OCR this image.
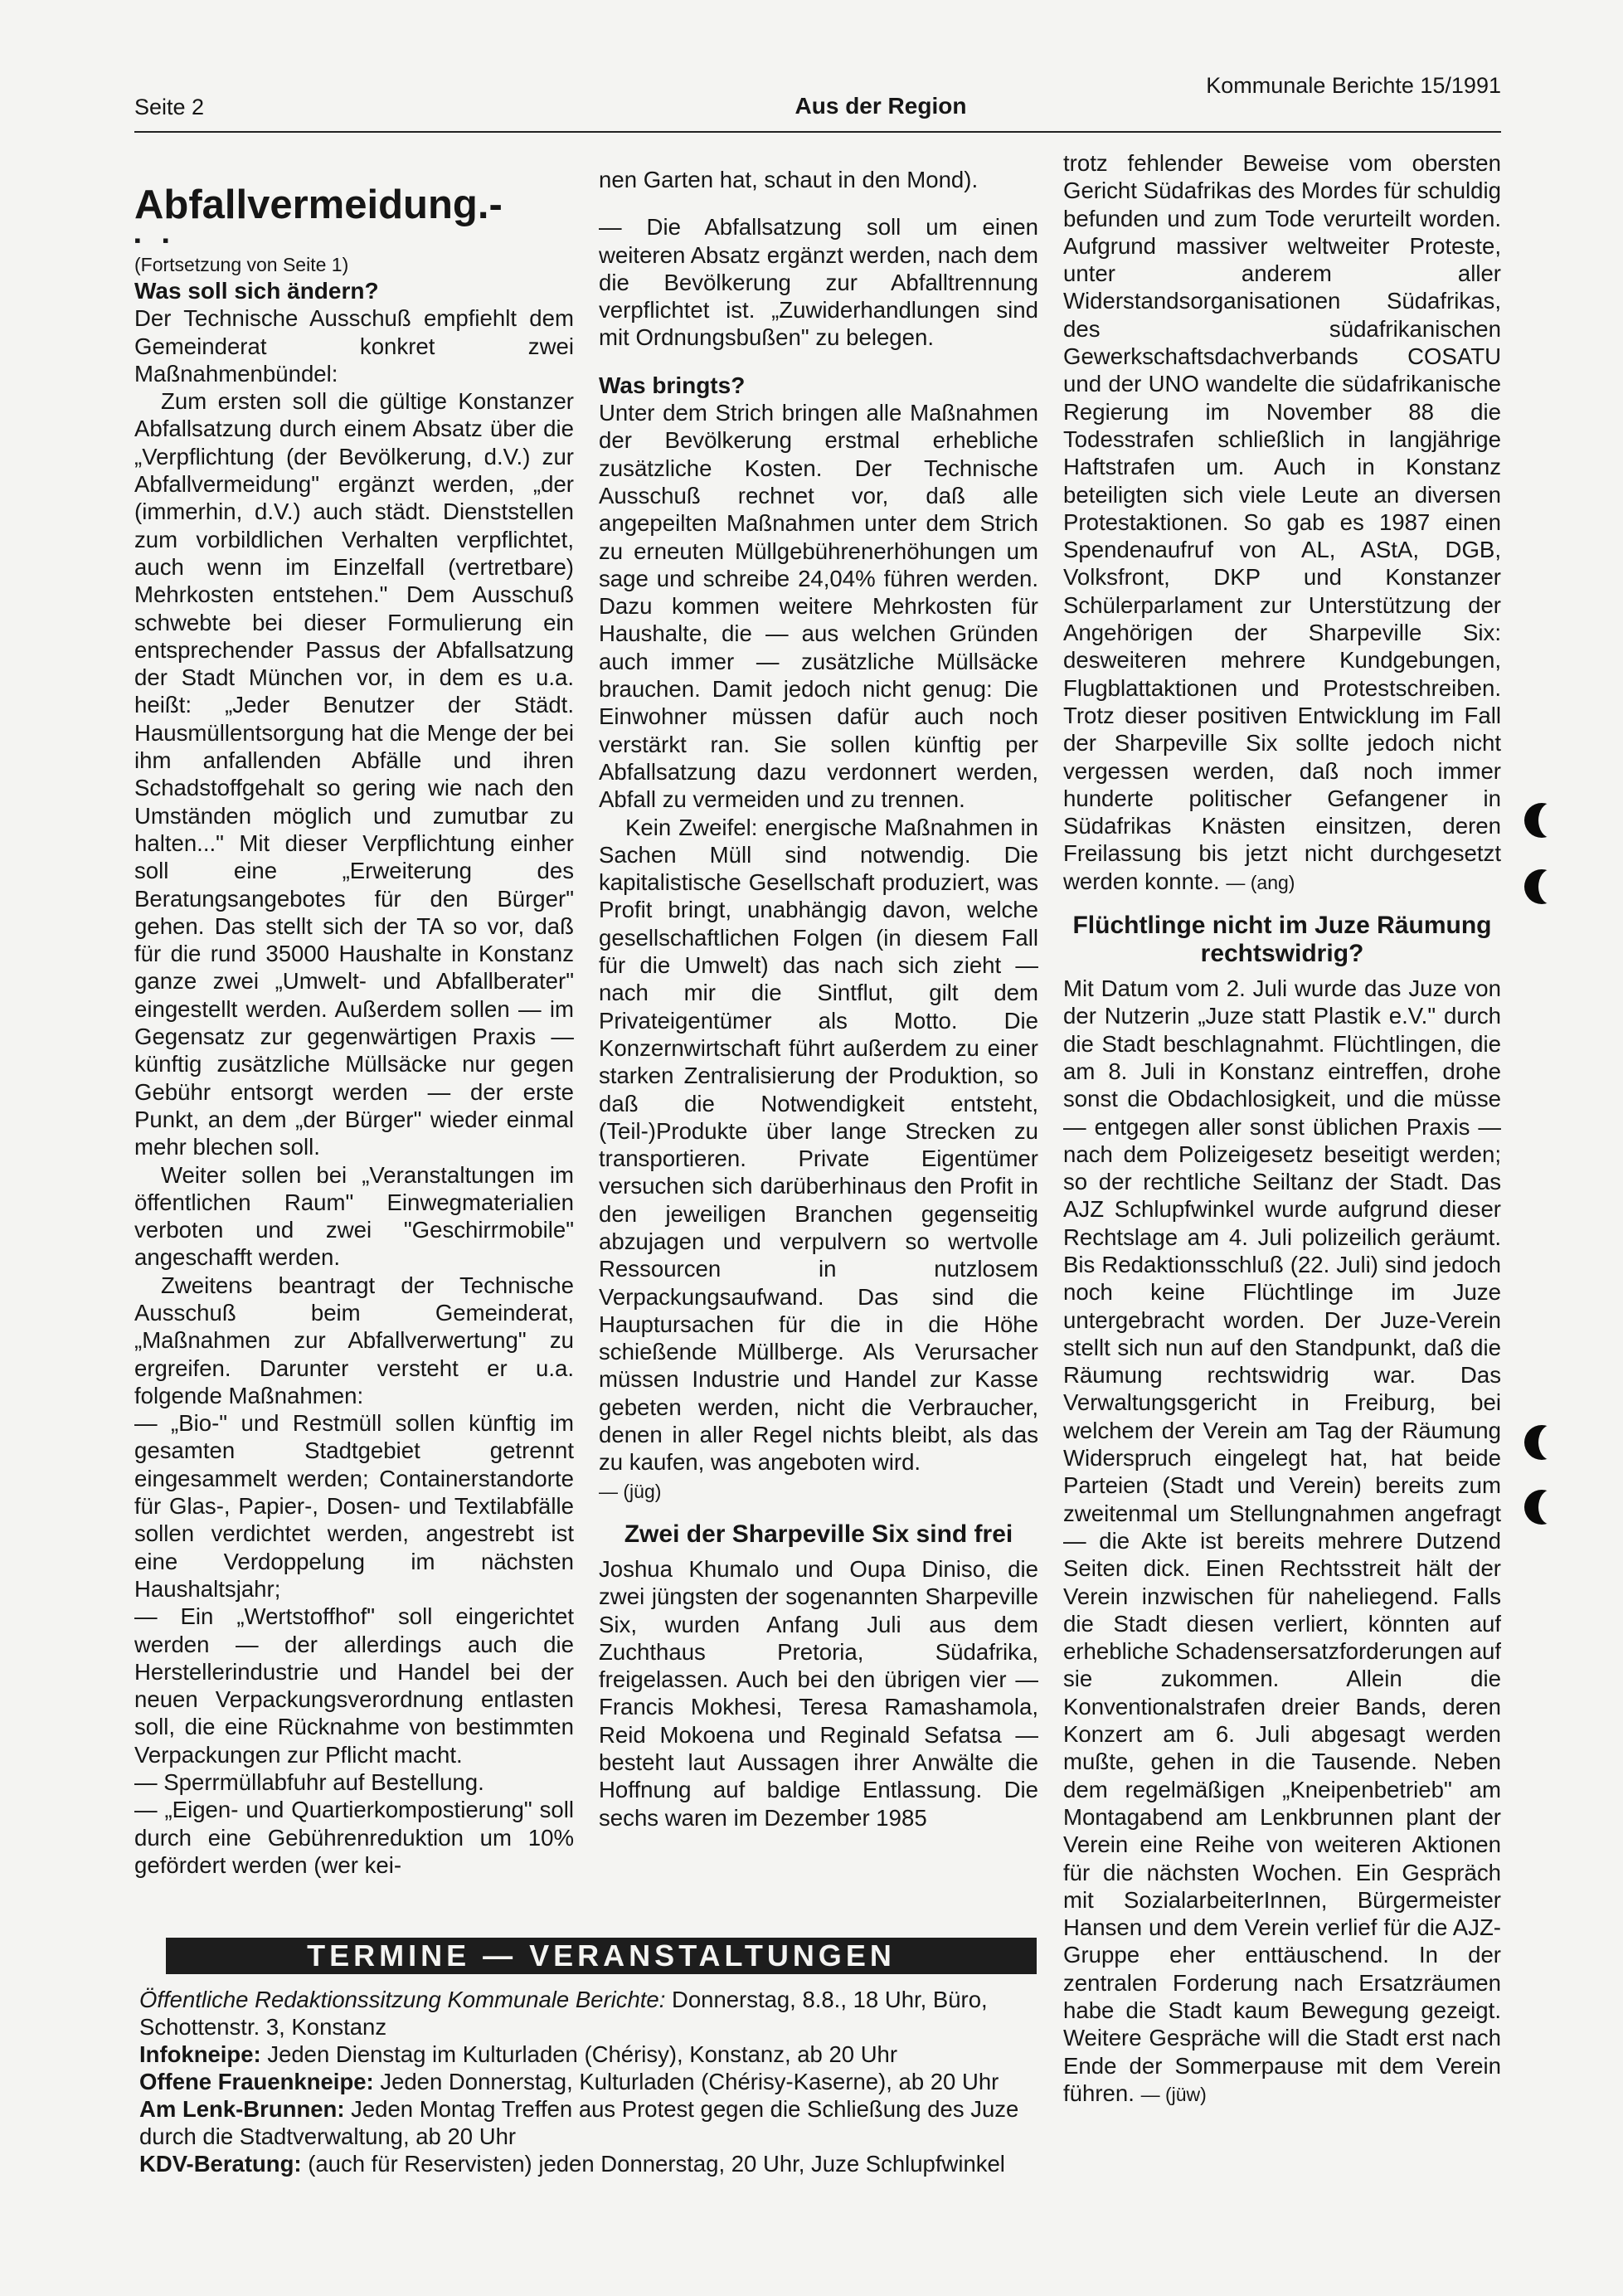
Seite 2	Aus der Region
Kommunale Berichte 15/1991
Abfallvermeidung.-
▪ ▪

(Fortsetzung von Seite 1)

Was soll sich ändern?

Der Technische Ausschuß empfiehlt dem Gemeinderat konkret zwei Maßnahmenbündel:

Zum ersten soll die gültige Konstanzer Abfallsatzung durch einem Absatz über die „Verpflichtung (der Bevölkerung, d.V.) zur Abfallvermeidung" ergänzt werden, „der (immerhin, d.V.) auch städt. Dienststellen zum vorbildlichen Verhalten verpflichtet, auch wenn im Einzelfall (vertretbare) Mehrkosten entstehen." Dem Ausschuß schwebte bei dieser Formulierung ein entsprechender Passus der Abfallsatzung der Stadt München vor, in dem es u.a. heißt: „Jeder Benutzer der Städt. Hausmüllentsorgung hat die Menge der bei ihm anfallenden Abfälle und ihren Schadstoffgehalt so gering wie nach den Umständen möglich und zumutbar zu halten..." Mit dieser Verpflichtung einher soll eine „Erweiterung des Beratungsangebotes für den Bürger" gehen. Das stellt sich der TA so vor, daß für die rund 35000 Haushalte in Konstanz ganze zwei „Umwelt- und Abfallberater" eingestellt werden. Außerdem sollen — im Gegensatz zur gegenwärtigen Praxis — künftig zusätzliche Müllsäcke nur gegen Gebühr entsorgt werden — der erste Punkt, an dem „der Bürger" wieder einmal mehr blechen soll.

Weiter sollen bei „Veranstaltungen im öffentlichen Raum" Einwegmaterialien verboten und zwei "Geschirrmobile" angeschafft werden.

Zweitens beantragt der Technische Ausschuß beim Gemeinderat, „Maßnahmen zur Abfallverwertung" zu ergreifen. Darunter versteht er u.a. folgende Maßnahmen:

— „Bio-" und Restmüll sollen künftig im gesamten Stadtgebiet getrennt eingesammelt werden; Containerstandorte für Glas-, Papier-, Dosen- und Textilabfälle sollen verdichtet werden, angestrebt ist eine Verdoppelung im nächsten Haushaltsjahr;

— Ein „Wertstoffhof" soll eingerichtet werden — der allerdings auch die Herstellerindustrie und Handel bei der neuen Verpackungsverordnung entlasten soll, die eine Rücknahme von bestimmten Verpackungen zur Pflicht macht.

— Sperrmüllabfuhr auf Bestellung.

— „Eigen- und Quartierkompostierung" soll durch eine Gebührenreduktion um 10% gefördert werden (wer kei-

nen Garten hat, schaut in den Mond).

— Die Abfallsatzung soll um einen weiteren Absatz ergänzt werden, nach dem die Bevölkerung zur Abfalltrennung verpflichtet ist. „Zuwiderhandlungen sind mit Ordnungsbußen" zu belegen.

Was bringts?

Unter dem Strich bringen alle Maßnahmen der Bevölkerung erstmal erhebliche zusätzliche Kosten. Der Technische Ausschuß rechnet vor, daß alle angepeilten Maßnahmen unter dem Strich zu erneuten Müllgebührenerhöhungen um sage und schreibe 24,04% führen werden. Dazu kommen weitere Mehrkosten für Haushalte, die — aus welchen Gründen auch immer — zusätzliche Müllsäcke brauchen. Damit jedoch nicht genug: Die Einwohner müssen dafür auch noch verstärkt ran. Sie sollen künftig per Abfallsatzung dazu verdonnert werden, Abfall zu vermeiden und zu trennen.

Kein Zweifel: energische Maßnahmen in Sachen Müll sind notwendig. Die kapitalistische Gesellschaft produziert, was Profit bringt, unabhängig davon, welche gesellschaftlichen Folgen (in diesem Fall für die Umwelt) das nach sich zieht — nach mir die Sintflut, gilt dem Privateigentümer als Motto. Die Konzernwirtschaft führt außerdem zu einer starken Zentralisierung der Produktion, so daß die Notwendigkeit entsteht, (Teil-)Produkte über lange Strecken zu transportieren. Private Eigentümer versuchen sich darüberhinaus den Profit in den jeweiligen Branchen gegenseitig abzujagen und verpulvern so wertvolle Ressourcen in nutzlosem Verpackungsaufwand. Das sind die Hauptursachen für die in die Höhe schießende Müllberge. Als Verursacher müssen Industrie und Handel zur Kasse gebeten werden, nicht die Verbraucher, denen in aller Regel nichts bleibt, als das zu kaufen, was angeboten wird.

— (jüg)

Zwei der Sharpeville Six sind frei

Joshua Khumalo und Oupa Diniso, die zwei jüngsten der sogenannten Sharpeville Six, wurden Anfang Juli aus dem Zuchthaus Pretoria, Südafrika, freigelassen. Auch bei den übrigen vier — Francis Mokhesi, Teresa Ramashamola, Reid Mokoena und Reginald Sefatsa — besteht laut Aussagen ihrer Anwälte die Hoffnung auf baldige Entlassung. Die sechs waren im Dezember 1985

trotz fehlender Beweise vom obersten Gericht Südafrikas des Mordes für schuldig befunden und zum Tode verurteilt worden. Aufgrund massiver weltweiter Proteste, unter anderem aller Widerstandsorganisationen Südafrikas, des südafrikanischen Gewerkschaftsdachverbands COSATU und der UNO wandelte die südafrikanische Regierung im November 88 die Todesstrafen schließlich in langjährige Haftstrafen um. Auch in Konstanz beteiligten sich viele Leute an diversen Protestaktionen. So gab es 1987 einen Spendenaufruf von AL, AStA, DGB, Volksfront, DKP und Konstanzer Schülerparlament zur Unterstützung der Angehörigen der Sharpeville Six: desweiteren mehrere Kundgebungen, Flugblattaktionen und Protestschreiben. Trotz dieser positiven Entwicklung im Fall der Sharpeville Six sollte jedoch nicht vergessen werden, daß noch immer hunderte politischer Gefangener in Südafrikas Knästen einsitzen, deren Freilassung bis jetzt nicht durchgesetzt werden konnte. — (ang)

Flüchtlinge nicht im Juze Räumung rechtswidrig?

Mit Datum vom 2. Juli wurde das Juze von der Nutzerin „Juze statt Plastik e.V." durch die Stadt beschlagnahmt. Flüchtlingen, die am 8. Juli in Konstanz eintreffen, drohe sonst die Obdachlosigkeit, und die müsse — entgegen aller sonst üblichen Praxis — nach dem Polizeigesetz beseitigt werden; so der rechtliche Seiltanz der Stadt. Das AJZ Schlupfwinkel wurde aufgrund dieser Rechtslage am 4. Juli polizeilich geräumt. Bis Redaktionsschluß (22. Juli) sind jedoch noch keine Flüchtlinge im Juze untergebracht worden. Der Juze-Verein stellt sich nun auf den Standpunkt, daß die Räumung rechtswidrig war. Das Verwaltungsgericht in Freiburg, bei welchem der Verein am Tag der Räumung Widerspruch eingelegt hat, hat beide Parteien (Stadt und Verein) bereits zum zweitenmal um Stellungnahmen angefragt — die Akte ist bereits mehrere Dutzend Seiten dick. Einen Rechtsstreit hält der Verein inzwischen für naheliegend. Falls die Stadt diesen verliert, könnten auf erhebliche Schadensersatzforderungen auf sie zukommen. Allein die Konventionalstrafen dreier Bands, deren Konzert am 6. Juli abgesagt werden mußte, gehen in die Tausende. Neben dem regelmäßigen „Kneipenbetrieb" am Montagabend am Lenkbrunnen plant der Verein eine Reihe von weiteren Aktionen für die nächsten Wochen. Ein Gespräch mit SozialarbeiterInnen, Bürgermeister Hansen und dem Verein verlief für die AJZ-Gruppe eher enttäuschend. In der zentralen Forderung nach Ersatzräumen habe die Stadt kaum Bewegung gezeigt. Weitere Gespräche will die Stadt erst nach Ende der Sommerpause mit dem Verein führen. — (jüw)

TERMINE — VERANSTALTUNGEN

Öffentliche Redaktionssitzung Kommunale Berichte: Donnerstag, 8.8., 18 Uhr, Büro, Schottenstr. 3, Konstanz

Infokneipe: Jeden Dienstag im Kulturladen (Chérisy), Konstanz, ab 20 Uhr

Offene Frauenkneipe: Jeden Donnerstag, Kulturladen (Chérisy-Kaserne), ab 20 Uhr

Am Lenk-Brunnen: Jeden Montag Treffen aus Protest gegen die Schließung des Juze durch die Stadtverwaltung, ab 20 Uhr

KDV-Beratung: (auch für Reservisten) jeden Donnerstag, 20 Uhr, Juze Schlupfwinkel
